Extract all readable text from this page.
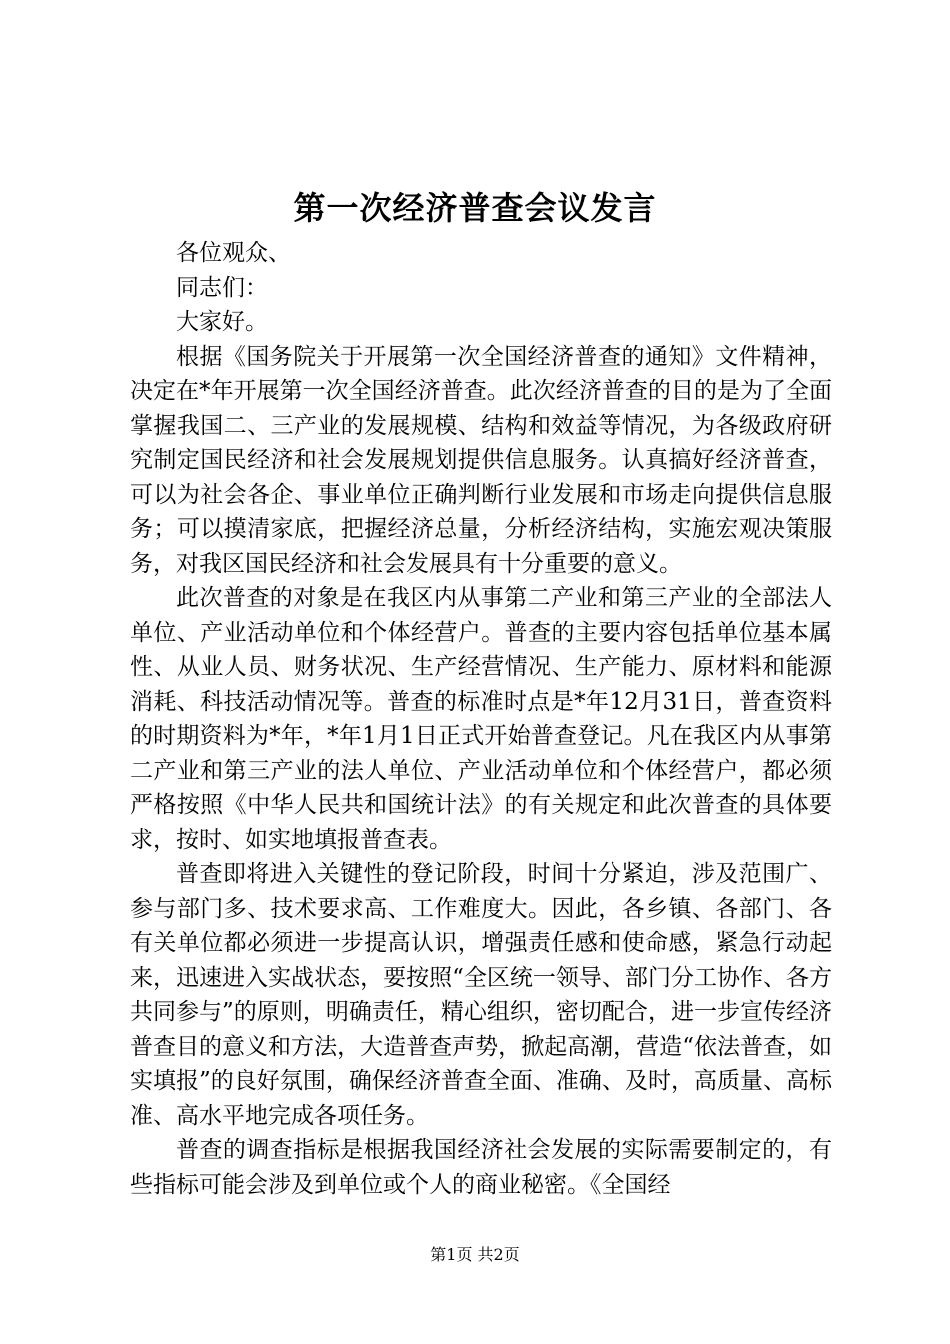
第一次经济普查会议发言

各位观众、

同志们：

大家好。

根据《国务院关于开展第一次全国经济普查的通知》文件精神，决定在*年开展第一次全国经济普查。此次经济普查的目的是为了全面掌握我国二、三产业的发展规模、结构和效益等情况，为各级政府研究制定国民经济和社会发展规划提供信息服务。认真搞好经济普查，可以为社会各企、事业单位正确判断行业发展和市场走向提供信息服务；可以摸清家底，把握经济总量，分析经济结构，实施宏观决策服务，对我区国民经济和社会发展具有十分重要的意义。

此次普查的对象是在我区内从事第二产业和第三产业的全部法人单位、产业活动单位和个体经营户。普查的主要内容包括单位基本属性、从业人员、财务状况、生产经营情况、生产能力、原材料和能源消耗、科技活动情况等。普查的标准时点是*年12月31日，普查资料的时期资料为*年，*年1月1日正式开始普查登记。凡在我区内从事第二产业和第三产业的法人单位、产业活动单位和个体经营户，都必须严格按照《中华人民共和国统计法》的有关规定和此次普查的具体要求，按时、如实地填报普查表。

普查即将进入关键性的登记阶段，时间十分紧迫，涉及范围广、参与部门多、技术要求高、工作难度大。因此，各乡镇、各部门、各有关单位都必须进一步提高认识，增强责任感和使命感，紧急行动起来，迅速进入实战状态，要按照“全区统一领导、部门分工协作、各方共同参与”的原则，明确责任，精心组织，密切配合，进一步宣传经济普查目的意义和方法，大造普查声势，掀起高潮，营造“依法普查，如实填报”的良好氛围，确保经济普查全面、准确、及时，高质量、高标准、高水平地完成各项任务。

普查的调查指标是根据我国经济社会发展的实际需要制定的，有些指标可能会涉及到单位或个人的商业秘密。《全国经

第1页 共2页
